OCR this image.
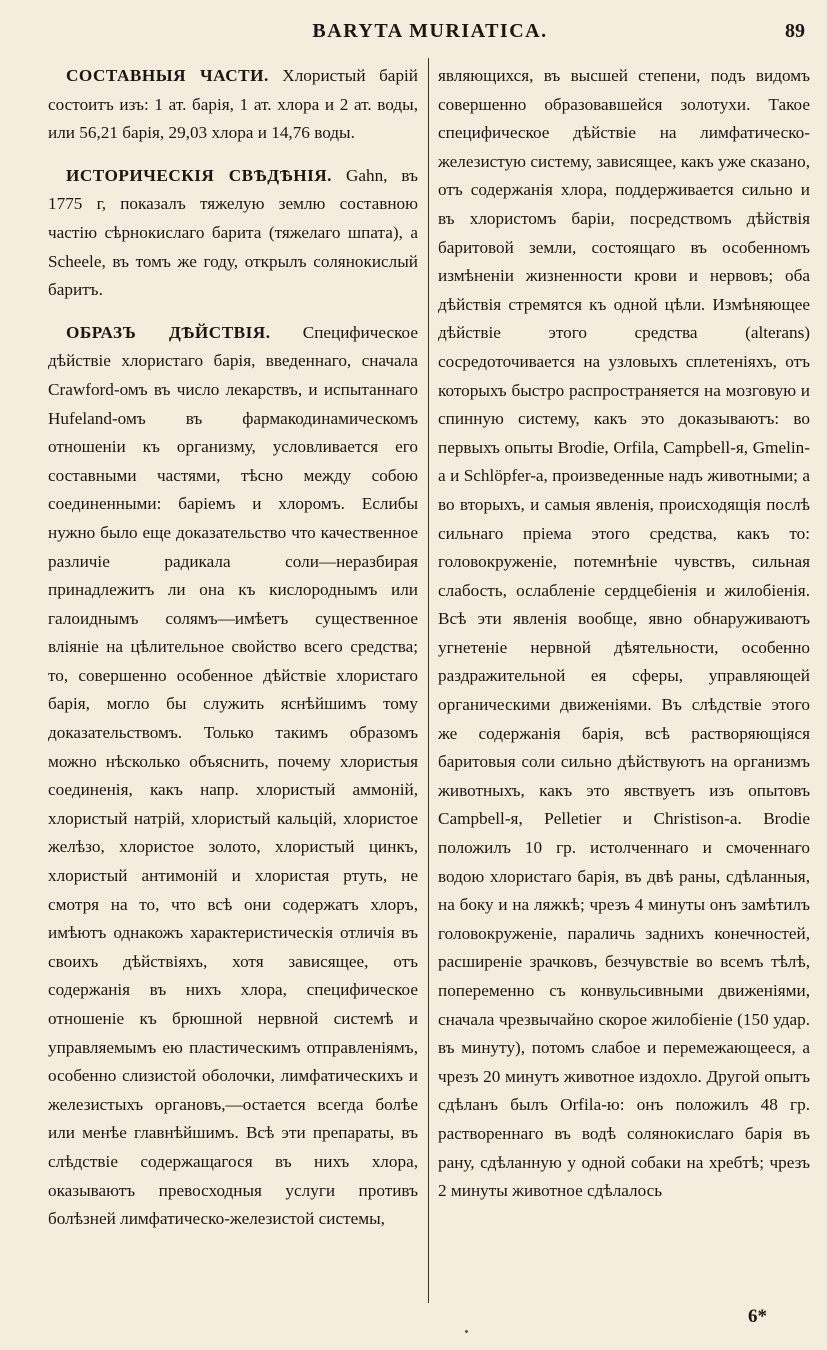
BARYTA MURIATICA.	89

СОСТАВНЫЯ ЧАСТИ. Хлористый барій состоитъ изъ: 1 ат. барія, 1 ат. хлора и 2 ат. воды, или 56,21 барія, 29,03 хлора и 14,76 воды.

ИСТОРИЧЕСКІЯ СВѢДѢНІЯ. Gahn, въ 1775 г, показалъ тяжелую землю составною частію сѣрнокислаго барита (тяжелаго шпата), а Scheele, въ томъ же году, открылъ солянокислый баритъ.

ОБРАЗЪ ДѢЙСТВІЯ. Специфическое дѣйствіе хлористаго барія, введеннаго, сначала Crawford-омъ въ число лекарствъ, и испытаннаго Hufeland-омъ въ фармакодинамическомъ отношеніи къ организму, условливается его составными частями, тѣсно между собою соединенными: баріемъ и хлоромъ. Еслибы нужно было еще доказательство что качественное различіе радикала соли—неразбирая принадлежитъ ли она къ кислороднымъ или галоиднымъ солямъ—имѣетъ существенное вліяніе на цѣлительное свойство всего средства; то, совершенно особенное дѣйствіе хлористаго барія, могло бы служить яснѣйшимъ тому доказательствомъ. Только такимъ образомъ можно нѣсколько объяснить, почему хлористыя соединенія, какъ напр. хлористый аммоній, хлористый натрій, хлористый кальцій, хлористое желѣзо, хлористое золото, хлористый цинкъ, хлористый антимоній и хлористая ртуть, не смотря на то, что всѣ они содержатъ хлоръ, имѣютъ однакожъ характеристическія отличія въ своихъ дѣйствіяхъ, хотя зависящее, отъ содержанія въ нихъ хлора, специфическое отношеніе къ брюшной нервной системѣ и управляемымъ ею пластическимъ отправленіямъ, особенно слизистой оболочки, лимфатическихъ и железистыхъ органовъ,—остается всегда болѣе или менѣе главнѣйшимъ. Всѣ эти препараты, въ слѣдствіе содержащагося въ нихъ хлора, оказываютъ превосходныя услуги противъ болѣзней лимфатическо-железистой системы,

являющихся, въ высшей степени, подъ видомъ совершенно образовавшейся золотухи. Такое специфическое дѣйствіе на лимфатическо-железистую систему, зависящее, какъ уже сказано, отъ содержанія хлора, поддерживается сильно и въ хлористомъ баріи, посредствомъ дѣйствія баритовой земли, состоящаго въ особенномъ измѣненіи жизненности крови и нервовъ; оба дѣйствія стремятся къ одной цѣли. Измѣняющее дѣйствіе этого средства (alterans) сосредоточивается на узловыхъ сплетеніяхъ, отъ которыхъ быстро распространяется на мозговую и спинную систему, какъ это доказываютъ: во первыхъ опыты Brodie, Orfila, Campbell-я, Gmelin-а и Schlöpfer-а, произведенные надъ животными; а во вторыхъ, и самыя явленія, происходящія послѣ сильнаго пріема этого средства, какъ то: головокруженіе, потемнѣніе чувствъ, сильная слабость, ослабленіе сердцебіенія и жилобіенія. Всѣ эти явленія вообще, явно обнаруживаютъ угнетеніе нервной дѣятельности, особенно раздражительной ея сферы, управляющей органическими движеніями. Въ слѣдствіе этого же содержанія барія, всѣ растворяющіяся баритовыя соли сильно дѣйствуютъ на организмъ животныхъ, какъ это явствуетъ изъ опытовъ Campbell-я, Pelletier и Christison-а. Brodie положилъ 10 гр. истолченнаго и смоченнаго водою хлористаго барія, въ двѣ раны, сдѣланныя, на боку и на ляжкѣ; чрезъ 4 минуты онъ замѣтилъ головокруженіе, параличь заднихъ конечностей, расширеніе зрачковъ, безчувствіе во всемъ тѣлѣ, попеременно съ конвульсивными движеніями, сначала чрезвычайно скорое жилобіеніе (150 удар. въ минуту), потомъ слабое и перемежающееся, а чрезъ 20 минутъ животное издохло. Другой опытъ сдѣланъ былъ Orfila-ю: онъ положилъ 48 гр. раствореннаго въ водѣ солянокислаго барія въ рану, сдѣланную у одной собаки на хребтѣ; чрезъ 2 минуты животное сдѣлалось

6*
